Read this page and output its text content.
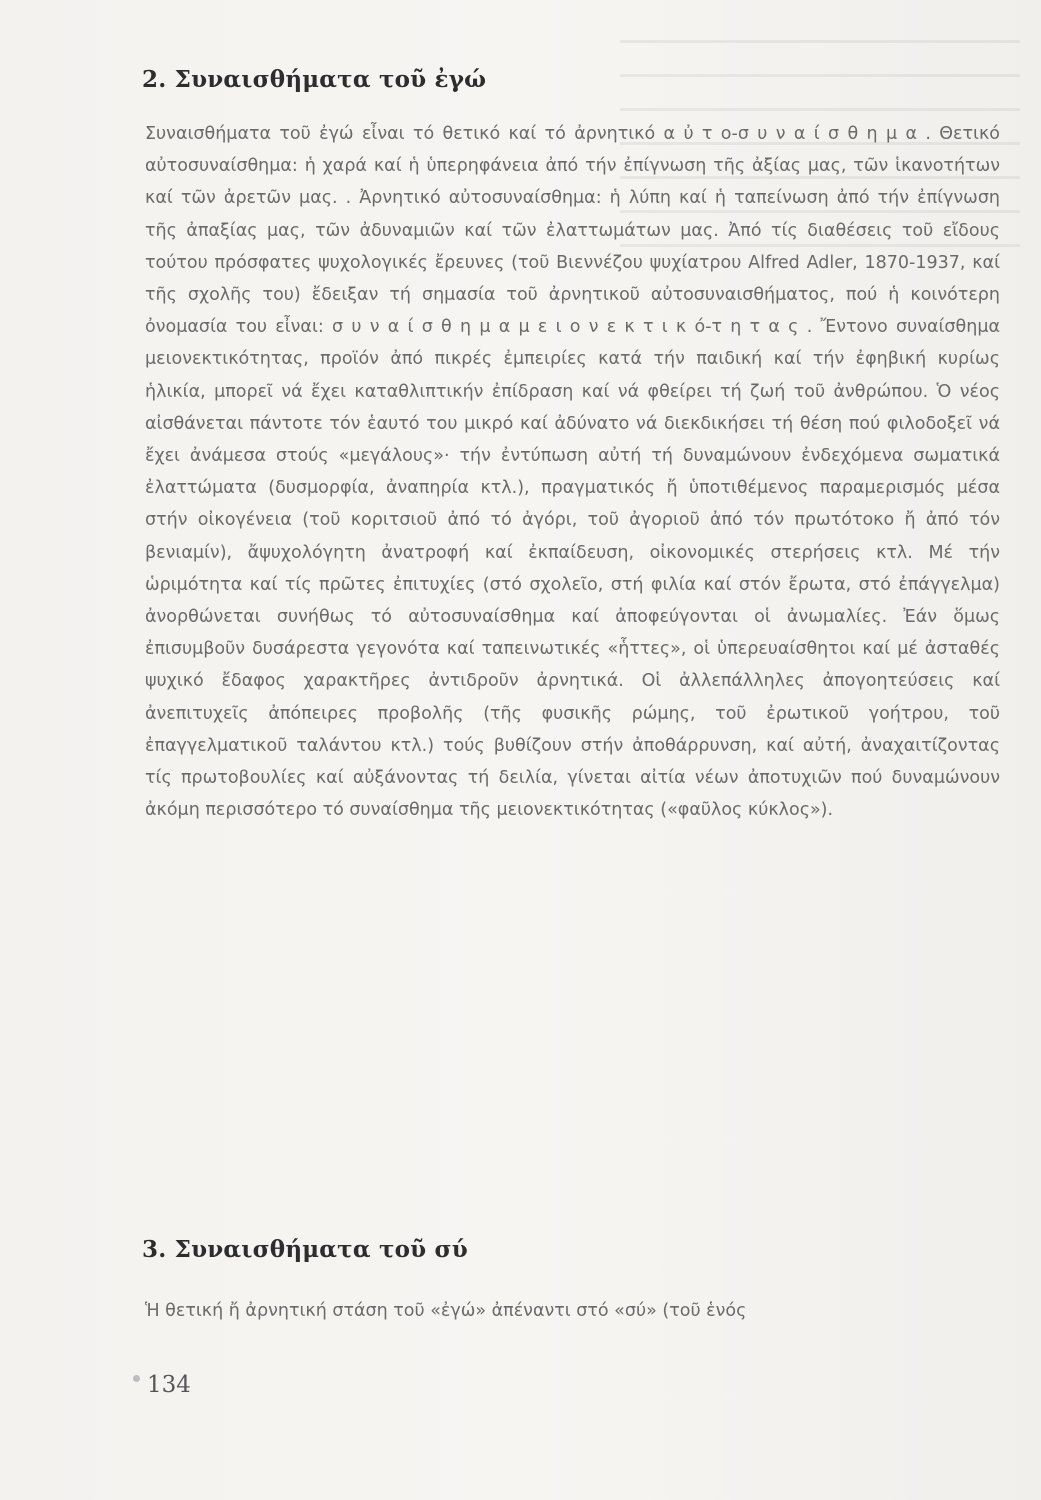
2. Συναισθήματα τοῦ ἐγώ
Συναισθήματα τοῦ ἐγώ εἶναι τό θετικό καί τό ἀρνητικό α ὐ τ ο-σ υ ν α ί σ θ η μ α . Θετικό αὐτοσυναίσθημα: ἡ χαρά καί ἡ ὑπερηφάνεια ἀπό τήν ἐπίγνωση τῆς ἀξίας μας, τῶν ἱκανοτήτων καί τῶν ἀρετῶν μας. . Ἀρνητικό αὐτοσυναίσθημα: ἡ λύπη καί ἡ ταπείνωση ἀπό τήν ἐπίγνωση τῆς ἀπαξίας μας, τῶν ἀδυναμιῶν καί τῶν ἐλαττωμάτων μας. Ἀπό τίς διαθέσεις τοῦ εἴδους τούτου πρόσφατες ψυχολογικές ἔρευνες (τοῦ Βιεννέζου ψυχίατρου Alfred Adler, 1870-1937, καί τῆς σχολῆς του) ἔδειξαν τή σημασία τοῦ ἀρνητικοῦ αὐτοσυναισθήματος, πού ἡ κοινότερη ὀνομασία του εἶναι: σ υ ν α ί σ θ η μ α μ ε ι ο ν ε κ τ ι κ ό-τ η τ α ς . Ἔντονο συναίσθημα μειονεκτικότητας, προϊόν ἀπό πικρές ἐμπειρίες κατά τήν παιδική καί τήν ἐφηβική κυρίως ἡλικία, μπορεῖ νά ἔχει καταθλιπτικήν ἐπίδραση καί νά φθείρει τή ζωή τοῦ ἀνθρώπου. Ὁ νέος αἰσθάνεται πάντοτε τόν ἑαυτό του μικρό καί ἀδύνατο νά διεκδικήσει τή θέση πού φιλοδοξεῖ νά ἔχει ἀνάμεσα στούς «μεγάλους»· τήν ἐντύπωση αὐτή τή δυναμώνουν ἐνδεχόμενα σωματικά ἐλαττώματα (δυσμορφία, ἀναπηρία κτλ.), πραγματικός ἤ ὑποτιθέμενος παραμερισμός μέσα στήν οἰκογένεια (τοῦ κοριτσιοῦ ἀπό τό ἀγόρι, τοῦ ἀγοριοῦ ἀπό τόν πρωτότοκο ἤ ἀπό τόν βενιαμίν), ἄψυχολόγητη ἀνατροφή καί ἐκπαίδευση, οἰκονομικές στερήσεις κτλ. Μέ τήν ὡριμότητα καί τίς πρῶτες ἐπιτυχίες (στό σχολεῖο, στή φιλία καί στόν ἔρωτα, στό ἐπάγγελμα) ἀνορθώνεται συνήθως τό αὐτοσυναίσθημα καί ἀποφεύγονται οἱ ἀνωμαλίες. Ἐάν ὅμως ἐπισυμβοῦν δυσάρεστα γεγονότα καί ταπεινωτικές «ἧττες», οἱ ὑπερευαίσθητοι καί μέ ἀσταθές ψυχικό ἔδαφος χαρακτῆρες ἀντιδροῦν ἀρνητικά. Οἱ ἀλλεπάλληλες ἀπογοητεύσεις καί ἀνεπιτυχεῖς ἀπόπειρες προβολῆς (τῆς φυσικῆς ρώμης, τοῦ ἐρωτικοῦ γοήτρου, τοῦ ἐπαγγελματικοῦ ταλάντου κτλ.) τούς βυθίζουν στήν ἀποθάρρυνση, καί αὐτή, ἀναχαιτίζοντας τίς πρωτοβουλίες καί αὐξάνοντας τή δειλία, γίνεται αἰτία νέων ἀποτυχιῶν πού δυναμώνουν ἀκόμη περισσότερο τό συναίσθημα τῆς μειονεκτικότητας («φαῦλος κύκλος»).
3. Συναισθήματα τοῦ σύ
Ἡ θετική ἤ ἀρνητική στάση τοῦ «ἐγώ» ἀπέναντι στό «σύ» (τοῦ ἑνός
134
